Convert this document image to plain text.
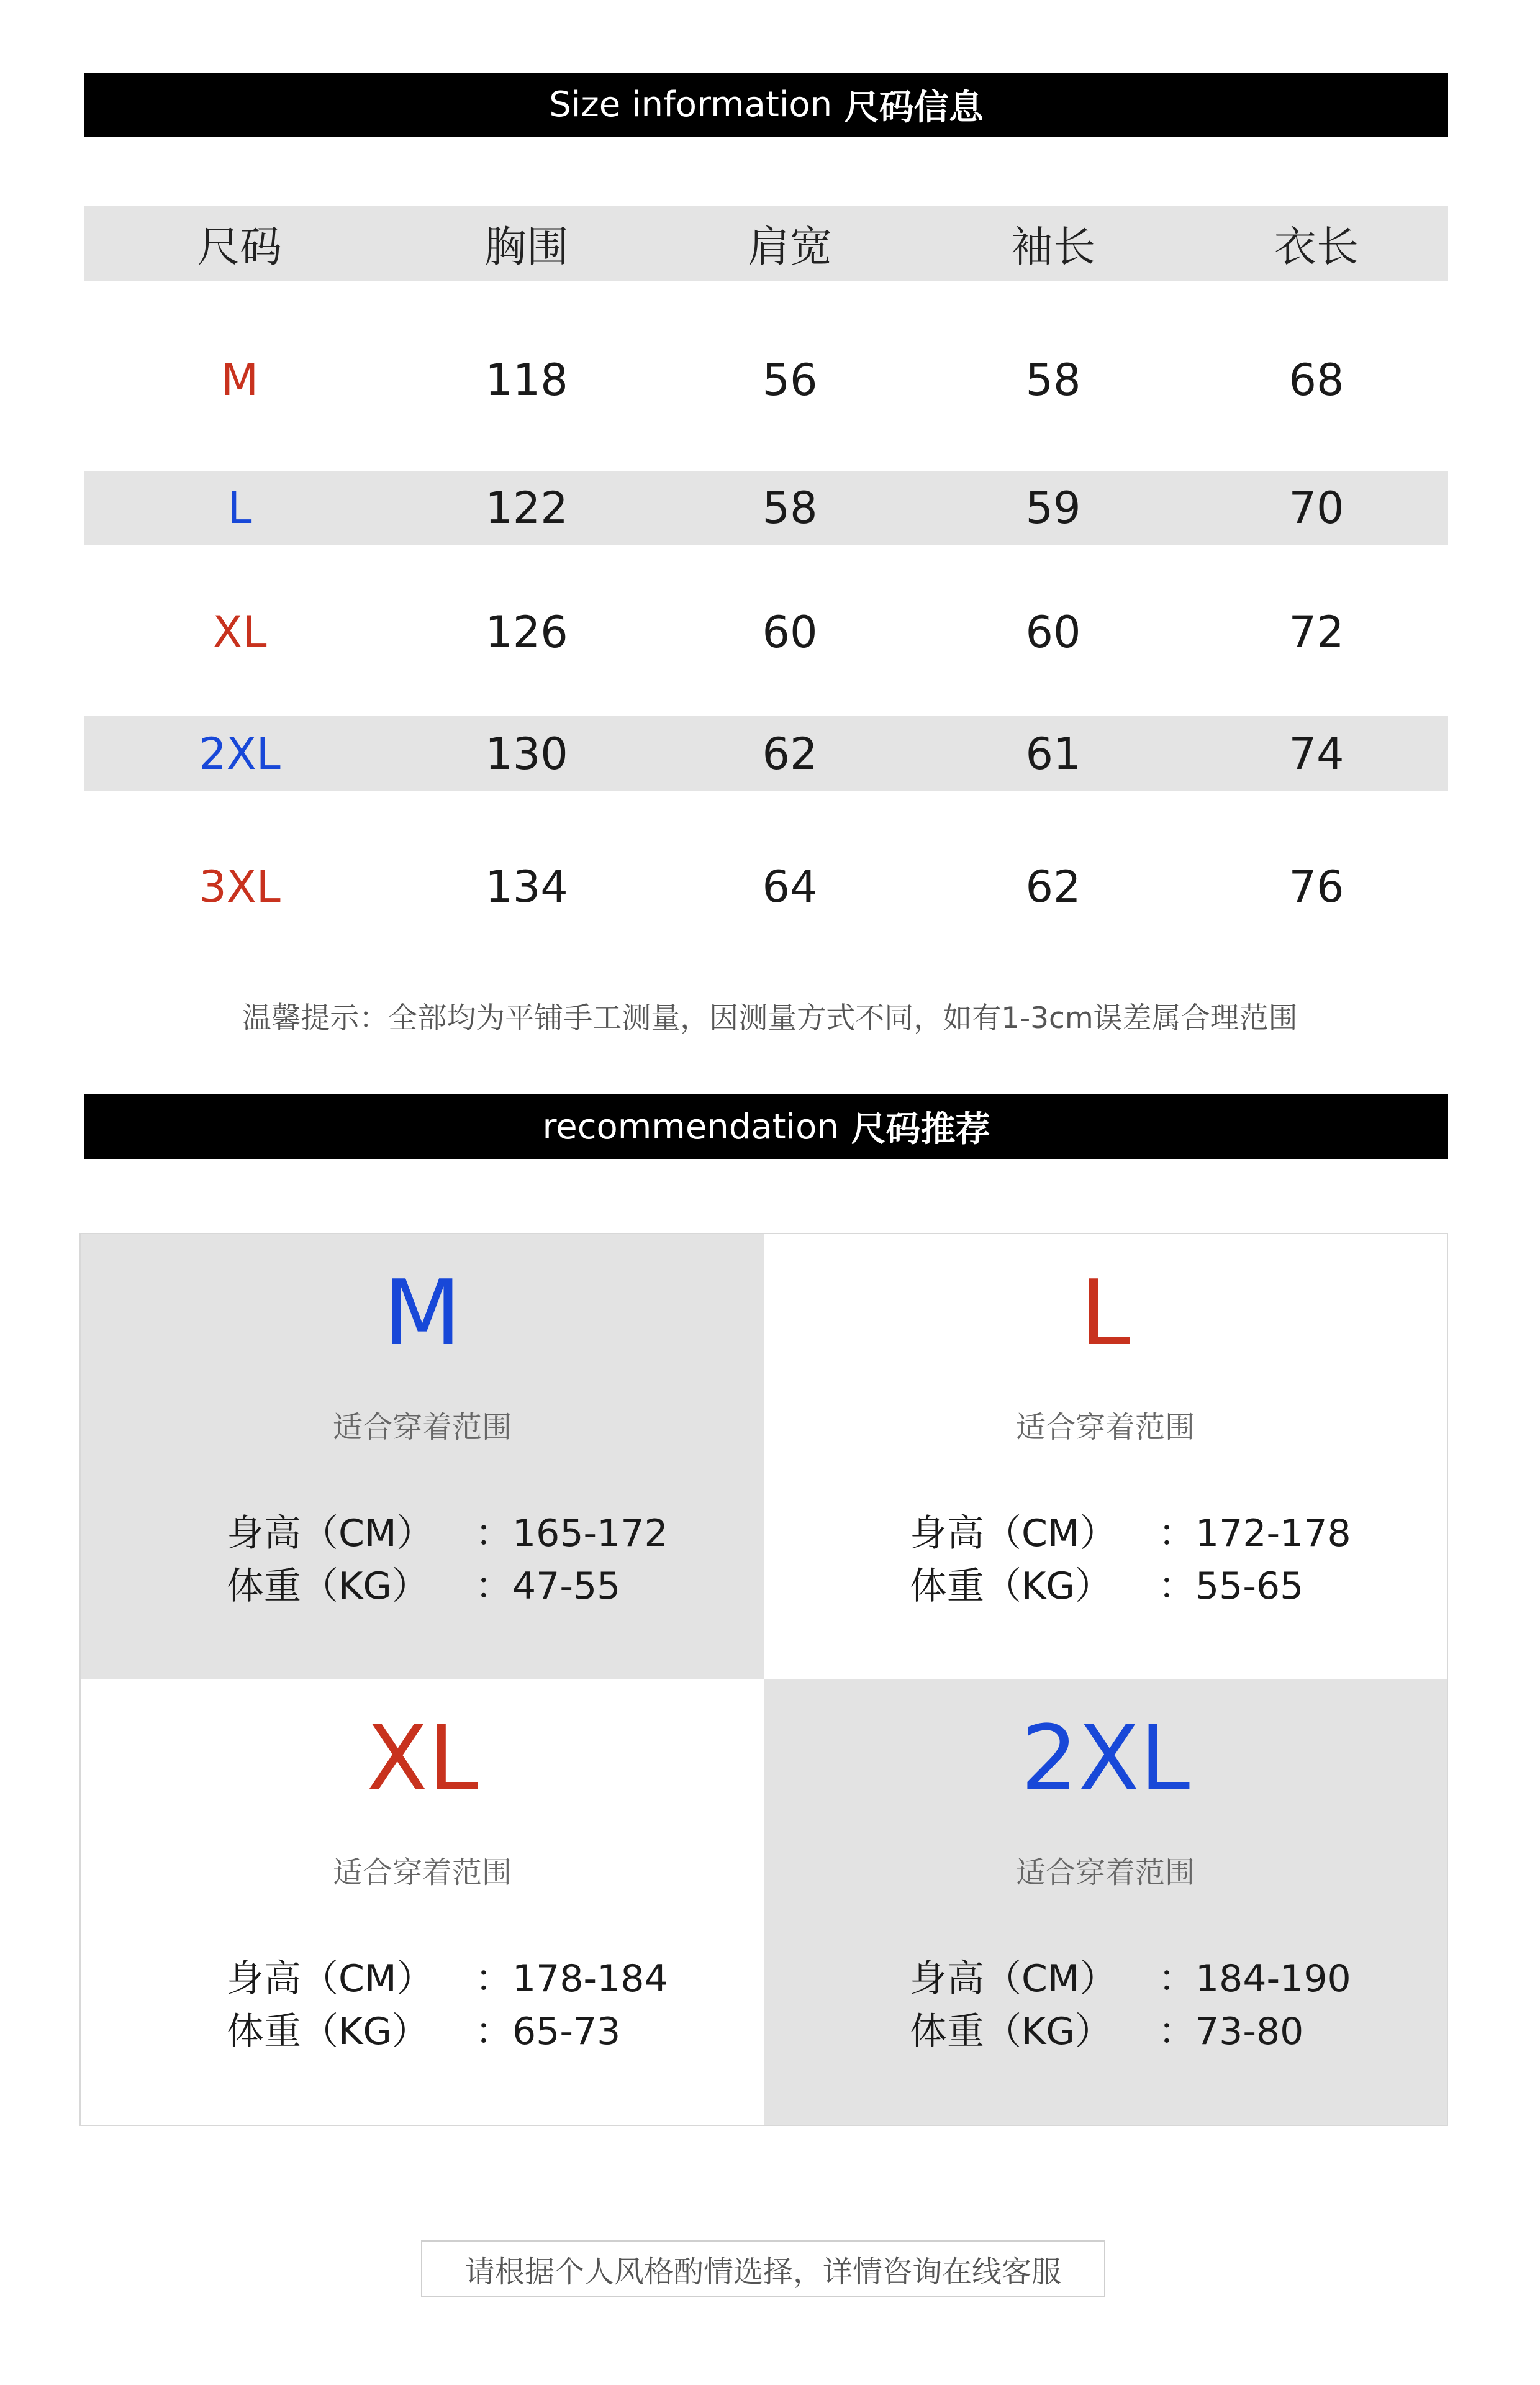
Size information 尺码信息
尺码	胸围	肩宽	袖长	衣长
M	118	56	58	68
L	122	58	59	70
XL	126	60	60	72
2XL	130	62	61	74
3XL	134	64	62	76
温馨提示：全部均为平铺手工测量，因测量方式不同，如有1-3cm误差属合理范围
recommendation 尺码推荐
M
适合穿着范围
身高（CM）	： 165-172
体重（KG）	： 47-55
L
适合穿着范围
身高（CM）	： 172-178
体重（KG）	： 55-65
XL
适合穿着范围
身高（CM）	： 178-184
体重（KG）	： 65-73
2XL
适合穿着范围
身高（CM）	： 184-190
体重（KG）	： 73-80
请根据个人风格酌情选择，详情咨询在线客服
